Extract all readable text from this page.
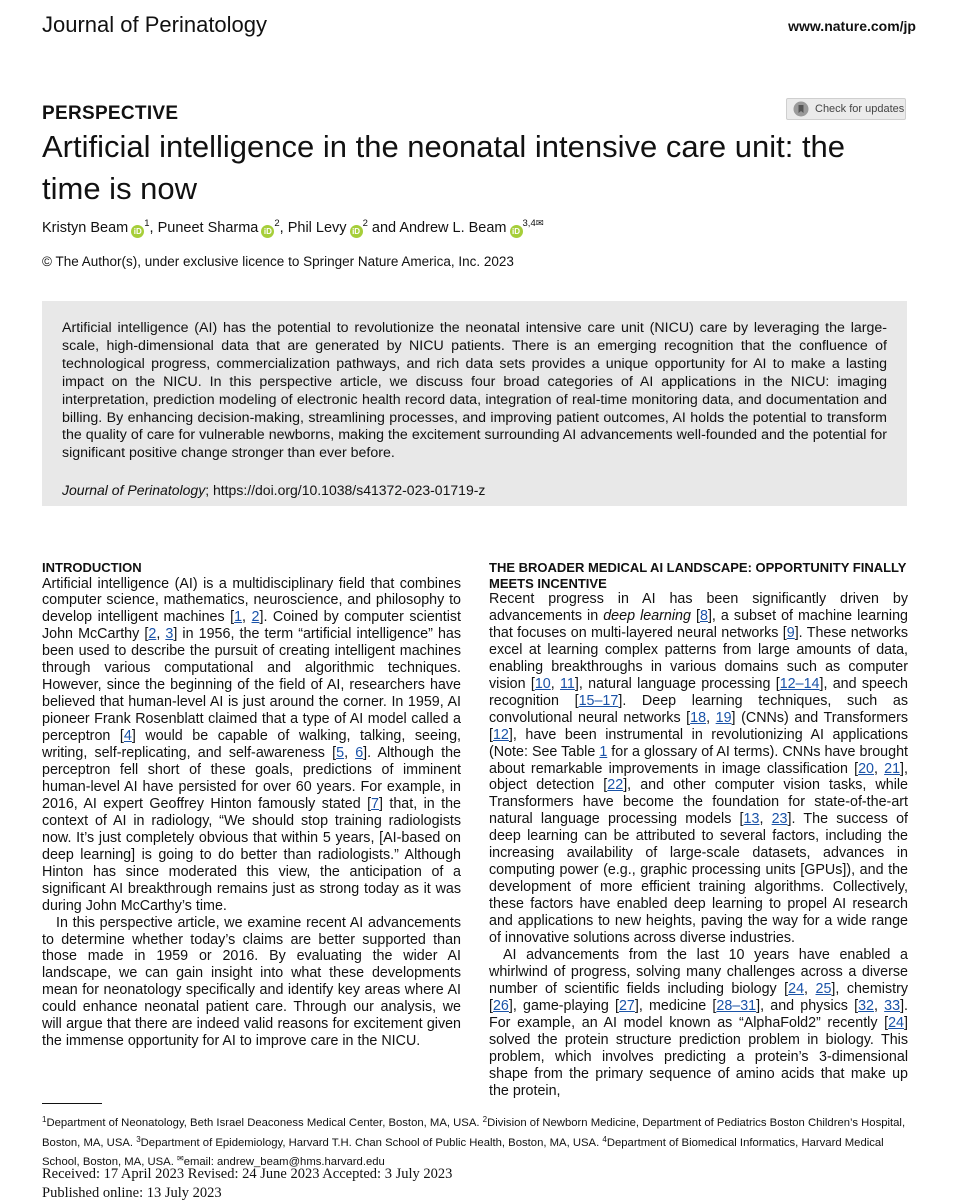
Journal of Perinatology	www.nature.com/jp
PERSPECTIVE	Check for updates
Artificial intelligence in the neonatal intensive care unit: the time is now
Kristyn Beam $iD^1$, Puneet Sharma $iD^2$, Phil Levy $iD^2$ and Andrew L. Beam $iD^{3,4✉}$
© The Author(s), under exclusive licence to Springer Nature America, Inc. 2023

Artificial intelligence (AI) has the potential to revolutionize the neonatal intensive care unit (NICU) care by leveraging the large-scale, high-dimensional data that are generated by NICU patients. There is an emerging recognition that the confluence of technological progress, commercialization pathways, and rich data sets provides a unique opportunity for AI to make a lasting impact on the NICU. In this perspective article, we discuss four broad categories of AI applications in the NICU: imaging interpretation, prediction modeling of electronic health record data, integration of real-time monitoring data, and documentation and billing. By enhancing decision-making, streamlining processes, and improving patient outcomes, AI holds the potential to transform the quality of care for vulnerable newborns, making the excitement surrounding AI advancements well-founded and the potential for significant positive change stronger than ever before.

Journal of Perinatology; https://doi.org/10.1038/s41372-023-01719-z

INTRODUCTION

Artificial intelligence (AI) is a multidisciplinary field that combines computer science, mathematics, neuroscience, and philosophy to develop intelligent machines [1, 2]. Coined by computer scientist John McCarthy [2, 3] in 1956, the term “artificial intelligence” has been used to describe the pursuit of creating intelligent machines through various computational and algorithmic techniques. However, since the beginning of the field of AI, researchers have believed that human-level AI is just around the corner. In 1959, AI pioneer Frank Rosenblatt claimed that a type of AI model called a perceptron [4] would be capable of walking, talking, seeing, writing, self-replicating, and self-awareness [5, 6]. Although the perceptron fell short of these goals, predictions of imminent human-level AI have persisted for over 60 years. For example, in 2016, AI expert Geoffrey Hinton famously stated [7] that, in the context of AI in radiology, “We should stop training radiologists now. It’s just completely obvious that within 5 years, [AI-based on deep learning] is going to do better than radiologists.” Although Hinton has since moderated this view, the anticipation of a significant AI breakthrough remains just as strong today as it was during John McCarthy’s time.

In this perspective article, we examine recent AI advancements to determine whether today’s claims are better supported than those made in 1959 or 2016. By evaluating the wider AI landscape, we can gain insight into what these developments mean for neonatology specifically and identify key areas where AI could enhance neonatal patient care. Through our analysis, we will argue that there are indeed valid reasons for excitement given the immense opportunity for AI to improve care in the NICU.

THE BROADER MEDICAL AI LANDSCAPE: OPPORTUNITY FINALLY MEETS INCENTIVE

Recent progress in AI has been significantly driven by advancements in deep learning [8], a subset of machine learning that focuses on multi-layered neural networks [9]. These networks excel at learning complex patterns from large amounts of data, enabling breakthroughs in various domains such as computer vision [10, 11], natural language processing [12–14], and speech recognition [15–17]. Deep learning techniques, such as convolutional neural networks [18, 19] (CNNs) and Transformers [12], have been instrumental in revolutionizing AI applications (Note: See Table 1 for a glossary of AI terms). CNNs have brought about remarkable improvements in image classification [20, 21], object detection [22], and other computer vision tasks, while Transformers have become the foundation for state-of-the-art natural language processing models [13, 23]. The success of deep learning can be attributed to several factors, including the increasing availability of large-scale datasets, advances in computing power (e.g., graphic processing units [GPUs]), and the development of more efficient training algorithms. Collectively, these factors have enabled deep learning to propel AI research and applications to new heights, paving the way for a wide range of innovative solutions across diverse industries.

AI advancements from the last 10 years have enabled a whirlwind of progress, solving many challenges across a diverse number of scientific fields including biology [24, 25], chemistry [26], game-playing [27], medicine [28–31], and physics [32, 33]. For example, an AI model known as “AlphaFold2” recently [24] solved the protein structure prediction problem in biology. This problem, which involves predicting a protein’s 3-dimensional shape from the primary sequence of amino acids that make up the protein,

$^1$Department of Neonatology, Beth Israel Deaconess Medical Center, Boston, MA, USA. $^2$Division of Newborn Medicine, Department of Pediatrics Boston Children’s Hospital, Boston, MA, USA. $^3$Department of Epidemiology, Harvard T.H. Chan School of Public Health, Boston, MA, USA. $^4$Department of Biomedical Informatics, Harvard Medical School, Boston, MA, USA. ✉email: andrew_beam@hms.harvard.edu
Received: 17 April 2023 Revised: 24 June 2023 Accepted: 3 July 2023
Published online: 13 July 2023
